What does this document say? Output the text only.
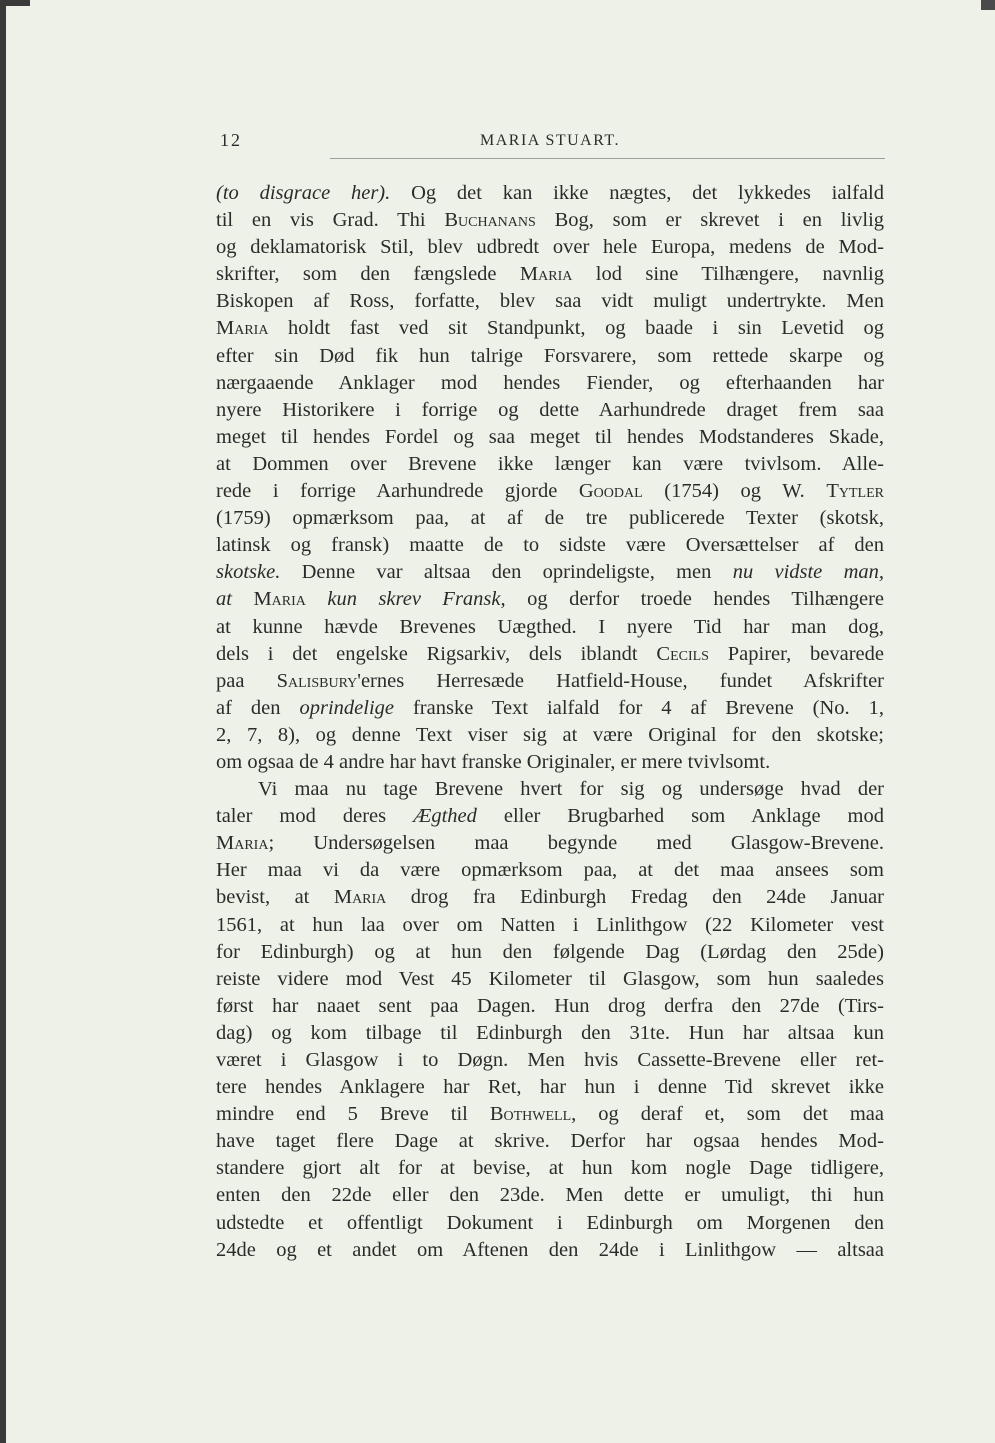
12	MARIA STUART.
(to disgrace her). Og det kan ikke nægtes, det lykkedes ialfald
til en vis Grad. Thi Buchanans Bog, som er skrevet i en livlig
og deklamatorisk Stil, blev udbredt over hele Europa, medens de Mod-
skrifter, som den fængslede Maria lod sine Tilhængere, navnlig
Biskopen af Ross, forfatte, blev saa vidt muligt undertrykte. Men
Maria holdt fast ved sit Standpunkt, og baade i sin Levetid og
efter sin Død fik hun talrige Forsvarere, som rettede skarpe og
nærgaaende Anklager mod hendes Fiender, og efterhaanden har
nyere Historikere i forrige og dette Aarhundrede draget frem saa
meget til hendes Fordel og saa meget til hendes Modstanderes Skade,
at Dommen over Brevene ikke længer kan være tvivlsom. Alle-
rede i forrige Aarhundrede gjorde Goodal (1754) og W. Tytler
(1759) opmærksom paa, at af de tre publicerede Texter (skotsk,
latinsk og fransk) maatte de to sidste være Oversættelser af den
skotske. Denne var altsaa den oprindeligste, men nu vidste man,
at Maria kun skrev Fransk, og derfor troede hendes Tilhængere
at kunne hævde Brevenes Uægthed. I nyere Tid har man dog,
dels i det engelske Rigsarkiv, dels iblandt Cecils Papirer, bevarede
paa Salisbury'ernes Herresæde Hatfield-House, fundet Afskrifter
af den oprindelige franske Text ialfald for 4 af Brevene (No. 1,
2, 7, 8), og denne Text viser sig at være Original for den skotske;
om ogsaa de 4 andre har havt franske Originaler, er mere tvivlsomt.
Vi maa nu tage Brevene hvert for sig og undersøge hvad der
taler mod deres Ægthed eller Brugbarhed som Anklage mod
Maria; Undersøgelsen maa begynde med Glasgow-Brevene.
Her maa vi da være opmærksom paa, at det maa ansees som
bevist, at Maria drog fra Edinburgh Fredag den 24de Januar
1561, at hun laa over om Natten i Linlithgow (22 Kilometer vest
for Edinburgh) og at hun den følgende Dag (Lørdag den 25de)
reiste videre mod Vest 45 Kilometer til Glasgow, som hun saaledes
først har naaet sent paa Dagen. Hun drog derfra den 27de (Tirs-
dag) og kom tilbage til Edinburgh den 31te. Hun har altsaa kun
været i Glasgow i to Døgn. Men hvis Cassette-Brevene eller ret-
tere hendes Anklagere har Ret, har hun i denne Tid skrevet ikke
mindre end 5 Breve til Bothwell, og deraf et, som det maa
have taget flere Dage at skrive. Derfor har ogsaa hendes Mod-
standere gjort alt for at bevise, at hun kom nogle Dage tidligere,
enten den 22de eller den 23de. Men dette er umuligt, thi hun
udstedte et offentligt Dokument i Edinburgh om Morgenen den
24de og et andet om Aftenen den 24de i Linlithgow — altsaa
